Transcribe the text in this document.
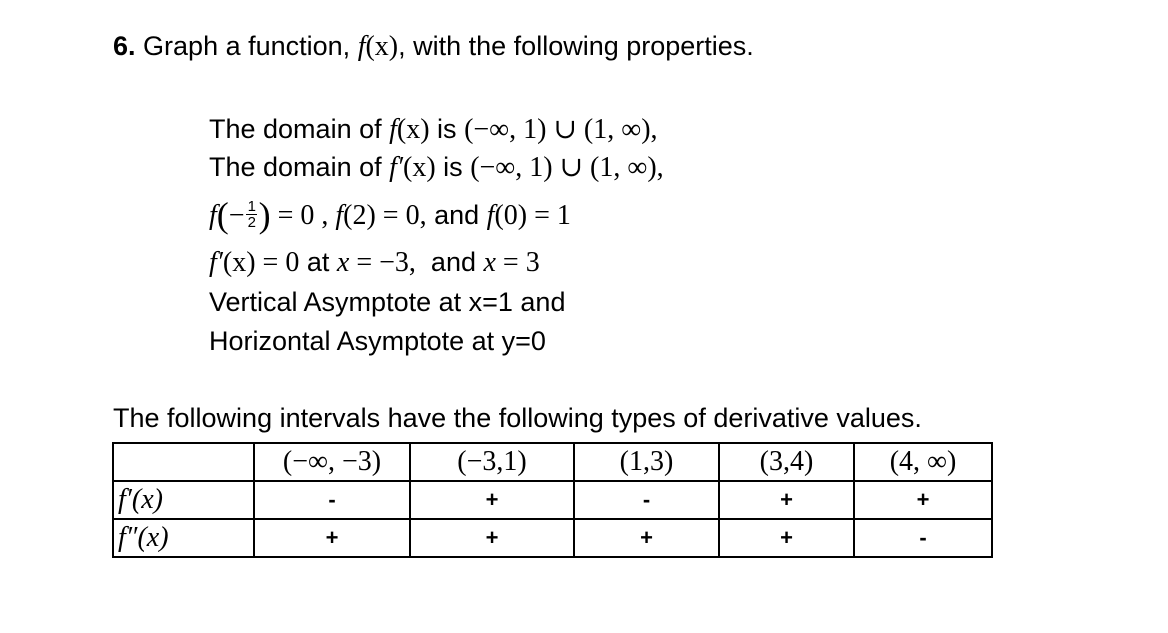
6. Graph a function, f(x), with the following properties.
The domain of f(x) is (−∞, 1) ∪ (1, ∞),
The domain of f′(x) is (−∞, 1) ∪ (1, ∞),
$f(- \frac{1}{2}$ ) = 0 , f(2) = 0, and f(0) = 1
f′(x) = 0 at x = −3,  and x = 3
Vertical Asymptote at x=1 and
Horizontal Asymptote at y=0
The following intervals have the following types of derivative values.
	(−∞, −3)	(−3,1)	(1,3)	(3,4)	(4, ∞)
f′(x)	-	+	-	+	+
f″(x)	+	+	+	+	-
